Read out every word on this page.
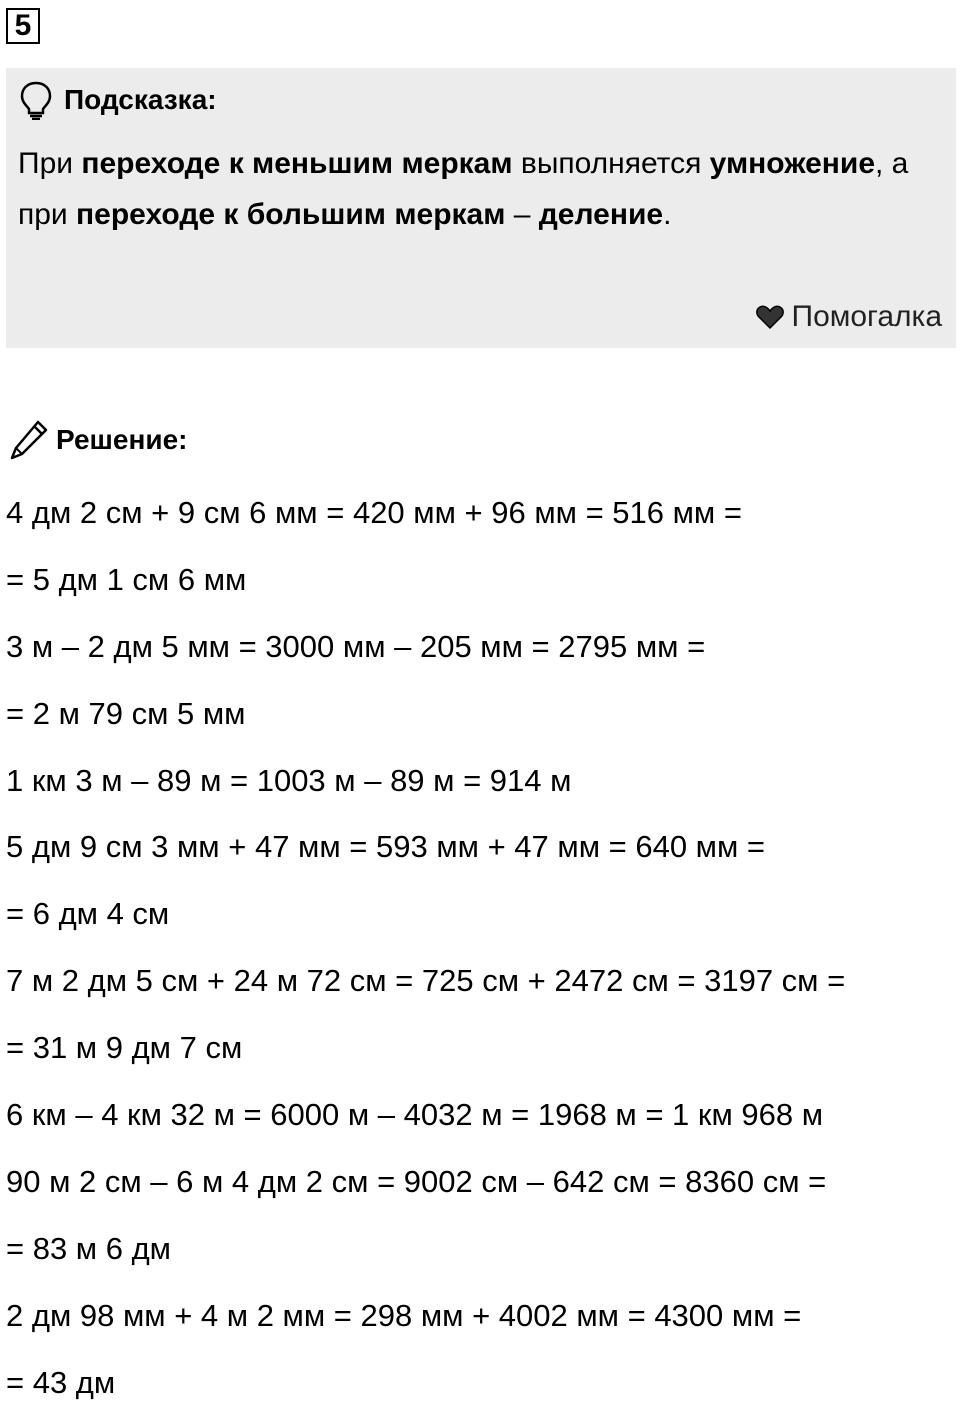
5
Подсказка:
При переходе к меньшим меркам выполняется умножение, а при переходе к большим меркам – деление.
Помогалка
Решение:
4 дм 2 см + 9 см 6 мм = 420 мм + 96 мм = 516 мм =
= 5 дм 1 см 6 мм
3 м – 2 дм 5 мм = 3000 мм – 205 мм = 2795 мм =
= 2 м 79 см 5 мм
1 км 3 м – 89 м = 1003 м – 89 м = 914 м
5 дм 9 см 3 мм + 47 мм = 593 мм + 47 мм = 640 мм =
= 6 дм 4 см
7 м 2 дм 5 см + 24 м 72 см = 725 см + 2472 см = 3197 см =
= 31 м 9 дм 7 см
6 км – 4 км 32 м = 6000 м – 4032 м = 1968 м = 1 км 968 м
90 м 2 см – 6 м 4 дм 2 см = 9002 см – 642 см = 8360 см =
= 83 м 6 дм
2 дм 98 мм + 4 м 2 мм = 298 мм + 4002 мм = 4300 мм =
= 43 дм
